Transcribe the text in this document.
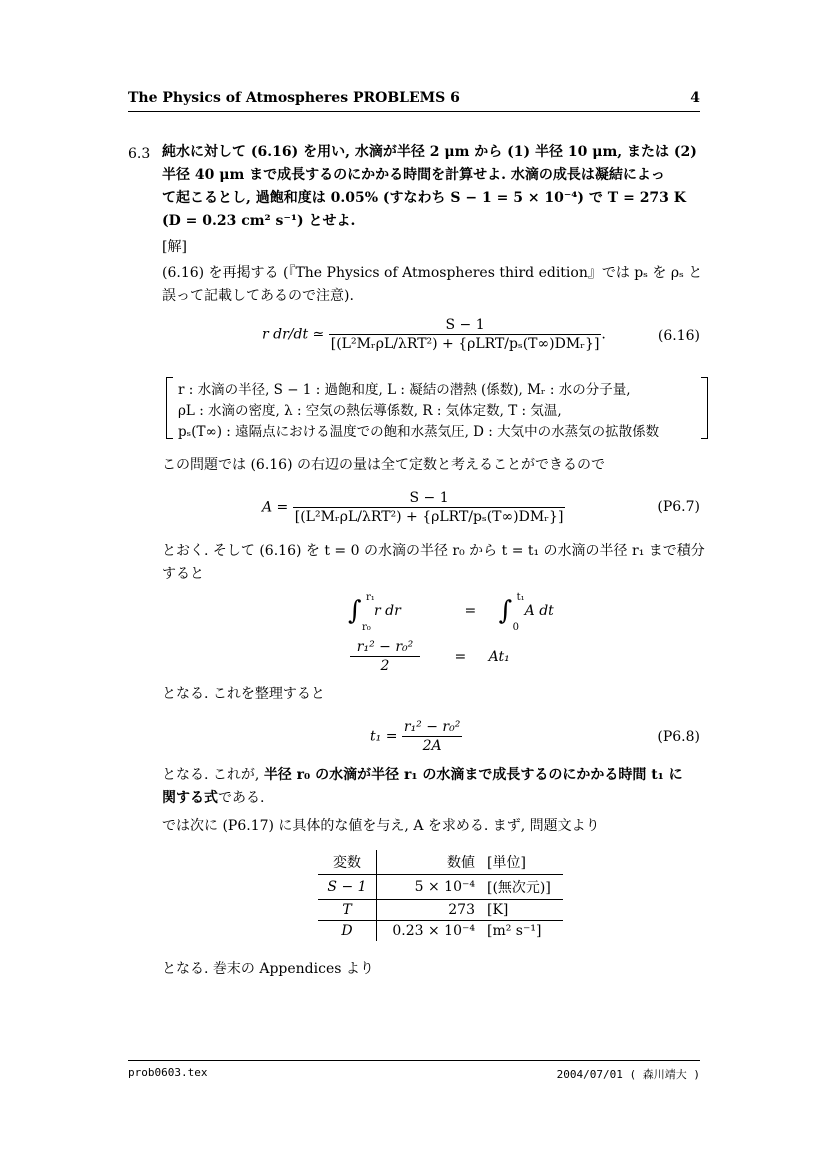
The Physics of Atmospheres PROBLEMS 6	4
6.3 純水に対して (6.16) を用い, 水滴が半径 2 μm から (1) 半径 10 μm, または (2)
半径 40 μm まで成長するのにかかる時間を計算せよ. 水滴の成長は凝結によっ
て起こるとし, 過飽和度は 0.05% (すなわち S − 1 = 5 × 10⁻⁴) で T = 273 K
(D = 0.23 cm² s⁻¹) とせよ.
[解]
(6.16) を再掲する (『The Physics of Atmospheres third edition』では pₛ を ρₛ と
誤って記載してあるので注意).
r dr/dt ≃ $\frac{S - 1}{\text{[(L²MᵣρL/λRT²) + \{ρLRT/pₛ(T∞)DMᵣ\}]}}$ .	(6.16)
r : 水滴の半径, S − 1 : 過飽和度, L : 凝結の潜熱 (係数), Mᵣ : 水の分子量,
ρL : 水滴の密度, λ : 空気の熱伝導係数, R : 気体定数, T : 気温,
pₛ(T∞) : 遠隔点における温度での飽和水蒸気圧, D : 大気中の水蒸気の拡散係数
この問題では (6.16) の右辺の量は全て定数と考えることができるので
$A = \frac{S - 1}{\text{[(L²MᵣρL/λRT²) + \{ρLRT/pₛ(T∞)DMᵣ\}]}}$	(P6.7)
とおく. そして (6.16) を t = 0 の水滴の半径 r₀ から t = t₁ の水滴の半径 r₁ まで積分
すると
∫ r₁
r₀
r dr	= ∫ t₁
0
A dt
$\frac{\text{r₁² − r₀²}}{2} = At_1$
となる. これを整理すると
$t_1 = \frac{\text{r₁² − r₀²}}{2A}$	(P6.8)
となる. これが, 半径 r₀ の水滴が半径 r₁ の水滴まで成長するのにかかる時間 t₁ に
関する式である.
では次に (P6.17) に具体的な値を与え, A を求める. まず, 問題文より
変数	数値	[単位]
S − 1	5 × 10⁻⁴	[(無次元)]
T	273	[K]
D	0.23 × 10⁻⁴	[m² s⁻¹]
となる. 巻末の Appendices より
prob0603.tex	2004/07/01 ( 森川靖大 )
